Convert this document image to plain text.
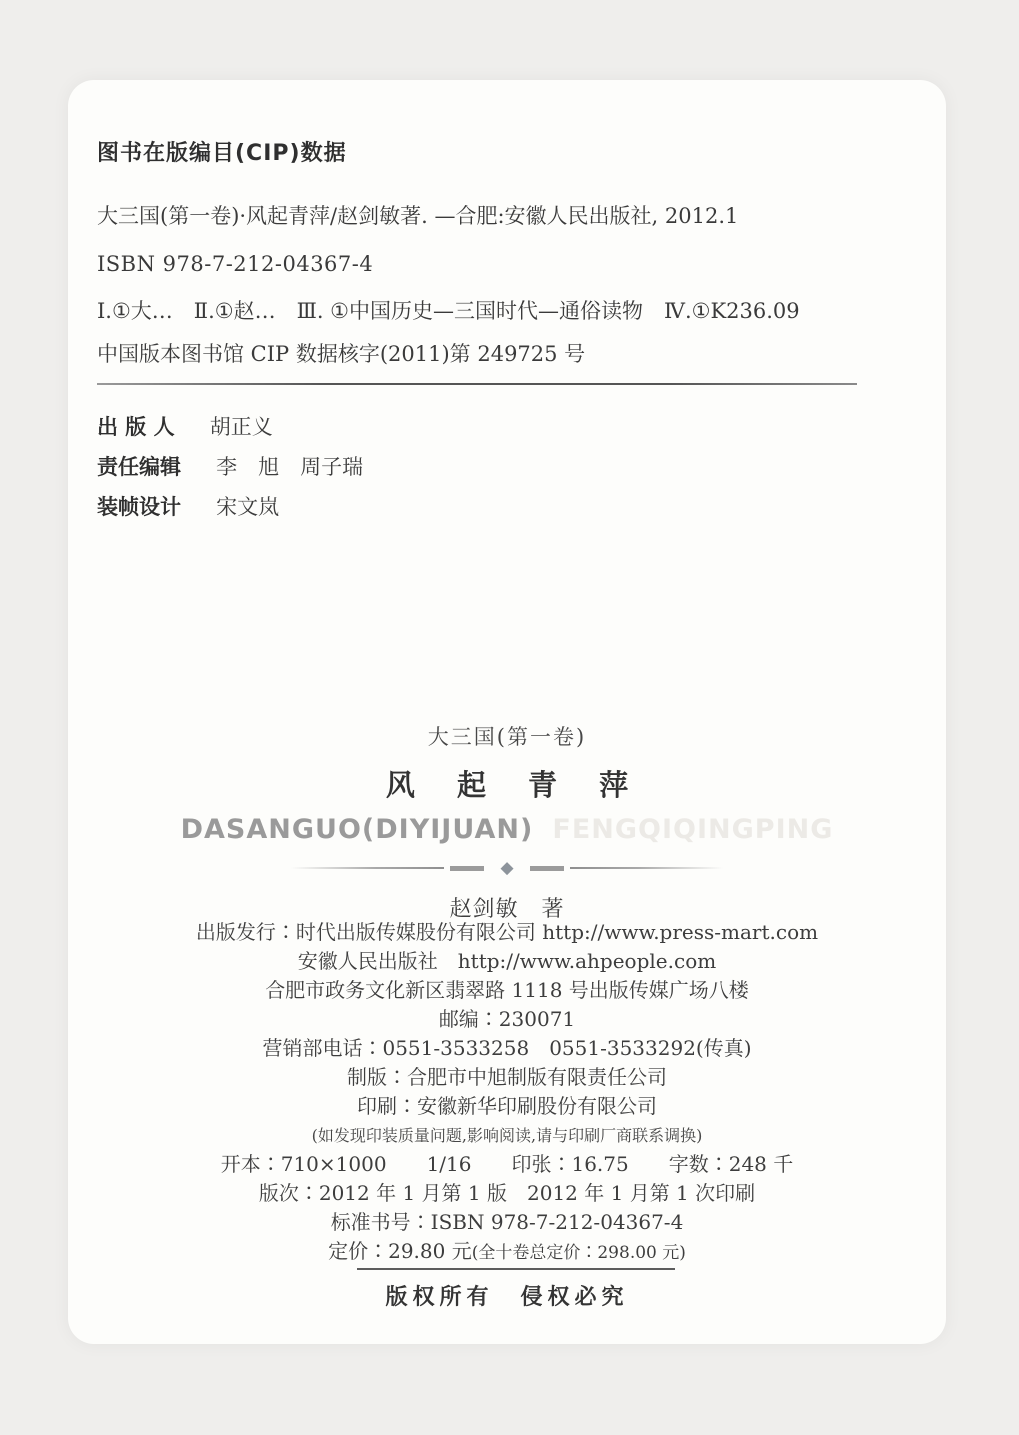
图书在版编目(CIP)数据
大三国(第一卷)·风起青萍/赵剑敏著. —合肥:安徽人民出版社, 2012.1
ISBN 978-7-212-04367-4
Ⅰ.①大…　Ⅱ.①赵…　Ⅲ. ①中国历史—三国时代—通俗读物　Ⅳ.①K236.09
中国版本图书馆 CIP 数据核字(2011)第 249725 号
出 版 人 胡正义
责任编辑 李　旭　周子瑞
装帧设计 宋文岚
大三国(第一卷)
风 起 青 萍
DASANGUO(DIYIJUAN) FENGQIQINGPING
◆
赵剑敏　著
出版发行∶时代出版传媒股份有限公司 http://www.press-mart.com
安徽人民出版社　http://www.ahpeople.com
合肥市政务文化新区翡翠路 1118 号出版传媒广场八楼
邮编∶230071
营销部电话∶0551-3533258　0551-3533292(传真)
制版∶合肥市中旭制版有限责任公司
印刷∶安徽新华印刷股份有限公司
(如发现印装质量问题,影响阅读,请与印刷厂商联系调换)
开本∶710×1000　　1/16　　印张∶16.75　　字数∶248 千
版次∶2012 年 1 月第 1 版　2012 年 1 月第 1 次印刷
标准书号∶ISBN 978-7-212-04367-4
定价∶29.80 元(全十卷总定价∶298.00 元)
版权所有　侵权必究
